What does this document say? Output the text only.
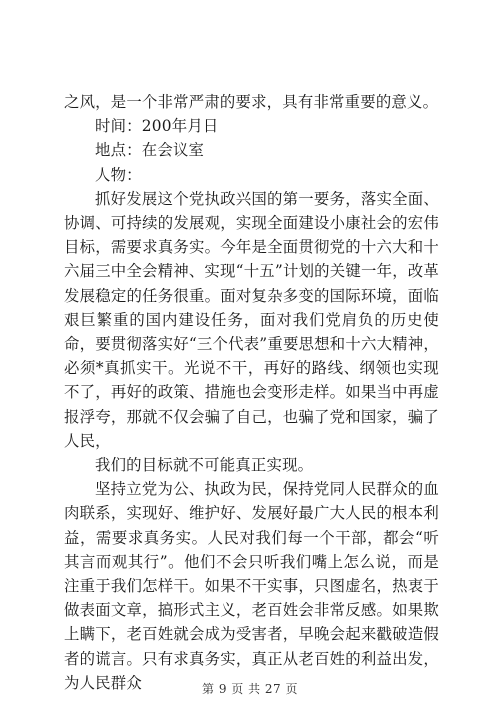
之风，是一个非常严肃的要求，具有非常重要的意义。

时间：200年月日

地点：在会议室

人物：

抓好发展这个党执政兴国的第一要务，落实全面、协调、可持续的发展观，实现全面建设小康社会的宏伟目标，需要求真务实。今年是全面贯彻党的十六大和十六届三中全会精神、实现“十五”计划的关键一年，改革发展稳定的任务很重。面对复杂多变的国际环境，面临艰巨繁重的国内建设任务，面对我们党肩负的历史使命，要贯彻落实好“三个代表”重要思想和十六大精神，必须*真抓实干。光说不干，再好的路线、纲领也实现不了，再好的政策、措施也会变形走样。如果当中再虚报浮夸，那就不仅会骗了自己，也骗了党和国家，骗了人民，

我们的目标就不可能真正实现。

坚持立党为公、执政为民，保持党同人民群众的血肉联系，实现好、维护好、发展好最广大人民的根本利益，需要求真务实。人民对我们每一个干部，都会“听其言而观其行”。他们不会只听我们嘴上怎么说，而是注重于我们怎样干。如果不干实事，只图虚名，热衷于做表面文章，搞形式主义，老百姓会非常反感。如果欺上瞒下，老百姓就会成为受害者，早晚会起来戳破造假者的谎言。只有求真务实，真正从老百姓的利益出发，为人民群众	第 9 页 共 27 页
